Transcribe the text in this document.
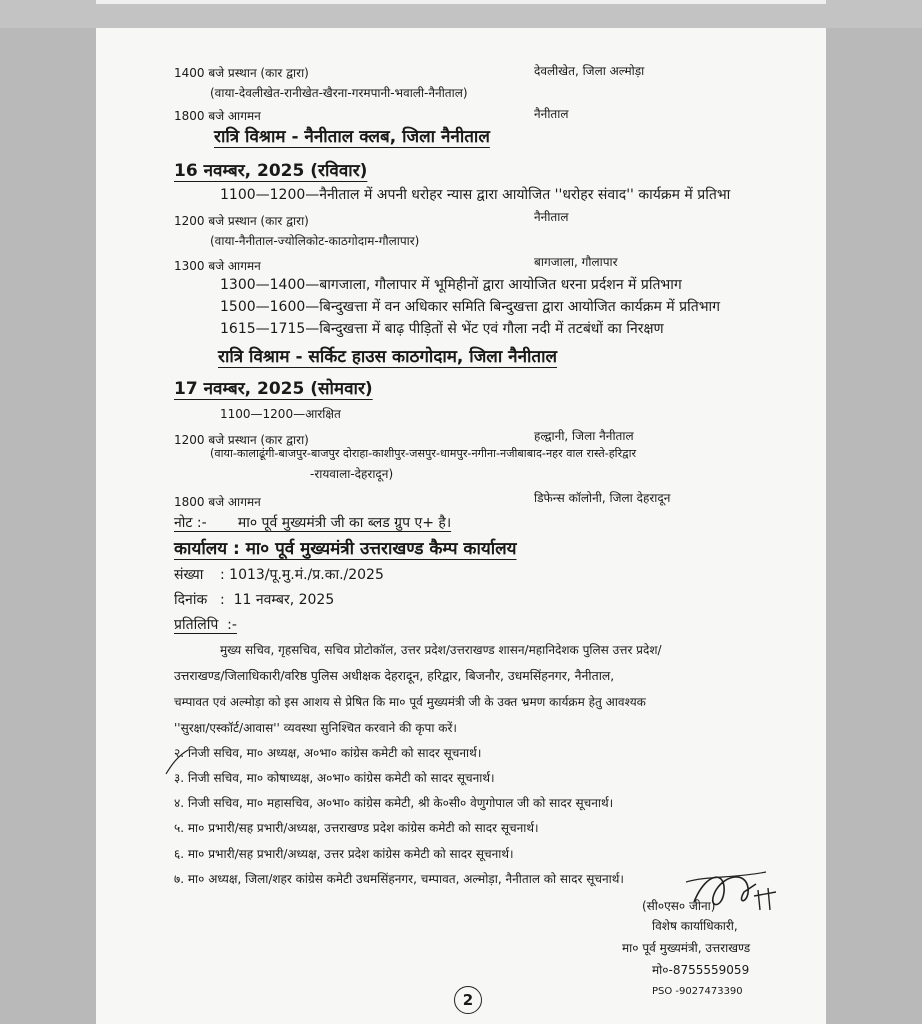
1400 बजे प्रस्थान (कार द्वारा)	देवलीखेत, जिला अल्मोड़ा
(वाया-देवलीखेत-रानीखेत-खैरना-गरमपानी-भवाली-नैनीताल)
1800 बजे आगमन	नैनीताल
रात्रि विश्राम - नैनीताल क्लब, जिला नैनीताल
16 नवम्बर, 2025 (रविवार)
1100—1200—नैनीताल में अपनी धरोहर न्यास द्वारा आयोजित ''धरोहर संवाद'' कार्यक्रम में प्रतिभा
1200 बजे प्रस्थान (कार द्वारा)	नैनीताल
(वाया-नैनीताल-ज्योलिकोट-काठगोदाम-गौलापार)
1300 बजे आगमन	बागजाला, गौलापार
1300—1400—बागजाला, गौलापार में भूमिहीनों द्वारा आयोजित धरना प्रर्दशन में प्रतिभाग
1500—1600—बिन्दुखत्ता में वन अधिकार समिति बिन्दुखत्ता द्वारा आयोजित कार्यक्रम में प्रतिभाग
1615—1715—बिन्दुखत्ता में बाढ़ पीड़ितों से भेंट एवं गौला नदी में तटबंधों का निरक्षण
रात्रि विश्राम - सर्किट हाउस काठगोदाम, जिला नैनीताल
17 नवम्बर, 2025 (सोमवार)
1100—1200—आरक्षित
1200 बजे प्रस्थान (कार द्वारा)	हल्द्वानी, जिला नैनीताल
(वाया-कालाढूंगी-बाजपुर-बाजपुर दोराहा-काशीपुर-जसपुर-धामपुर-नगीना-नजीबाबाद-नहर वाल रास्ते-हरिद्वार
-रायवाला-देहरादून)
1800 बजे आगमन	डिफेन्स कॉलोनी, जिला देहरादून
नोट :-       मा० पूर्व मुख्यमंत्री जी का ब्लड ग्रुप ए+ है।
कार्यालय : मा० पूर्व मुख्यमंत्री उत्तराखण्ड कैम्प कार्यालय
संख्या : 1013/पू.मु.मं./प्र.का./2025
दिनांक :  11 नवम्बर, 2025
प्रतिलिपि  :-
मुख्य सचिव, गृहसचिव, सचिव प्रोटोकॉल, उत्तर प्रदेश/उत्तराखण्ड शासन/महानिदेशक पुलिस उत्तर प्रदेश/
उत्तराखण्ड/जिलाधिकारी/वरिष्ठ पुलिस अधीक्षक देहरादून, हरिद्वार, बिजनौर, उधमसिंहनगर, नैनीताल,
चम्पावत एवं अल्मोड़ा को इस आशय से प्रेषित कि मा० पूर्व मुख्यमंत्री जी के उक्त भ्रमण कार्यक्रम हेतु आवश्यक
''सुरक्षा/एस्कॉर्ट/आवास'' व्यवस्था सुनिश्चित करवाने की कृपा करें।
२. निजी सचिव, मा० अध्यक्ष, अ०भा० कांग्रेस कमेटी को सादर सूचनार्थ।
३. निजी सचिव, मा० कोषाध्यक्ष, अ०भा० कांग्रेस कमेटी को सादर सूचनार्थ।
४. निजी सचिव, मा० महासचिव, अ०भा० कांग्रेस कमेटी, श्री के०सी० वेणुगोपाल जी को सादर सूचनार्थ।
५. मा० प्रभारी/सह प्रभारी/अध्यक्ष, उत्तराखण्ड प्रदेश कांग्रेस कमेटी को सादर सूचनार्थ।
६. मा० प्रभारी/सह प्रभारी/अध्यक्ष, उत्तर प्रदेश कांग्रेस कमेटी को सादर सूचनार्थ।
७. मा० अध्यक्ष, जिला/शहर कांग्रेस कमेटी उधमसिंहनगर, चम्पावत, अल्मोड़ा, नैनीताल को सादर सूचनार्थ।
(सी०एस० जीना)
विशेष कार्याधिकारी,
मा० पूर्व मुख्यमंत्री, उत्तराखण्ड
मो०-8755559059
PSO -9027473390
2
